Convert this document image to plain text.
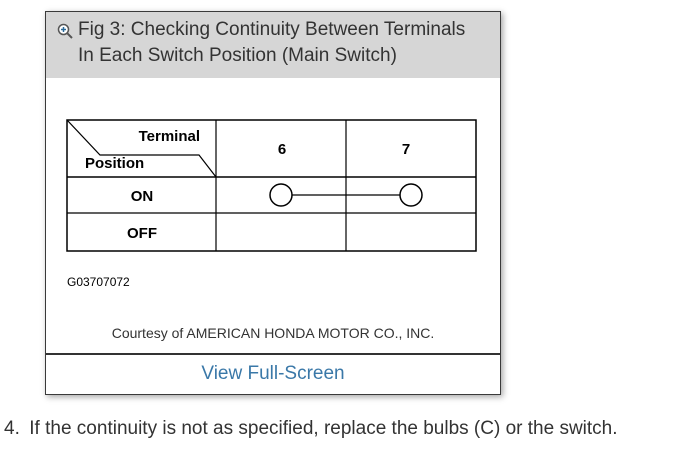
Fig 3: Checking Continuity Between Terminals
In Each Switch Position (Main Switch)
Terminal
Position
6	7
ON
OFF
G03707072
Courtesy of AMERICAN HONDA MOTOR CO., INC.
View Full-Screen
4. If the continuity is not as specified, replace the bulbs (C) or the switch.
